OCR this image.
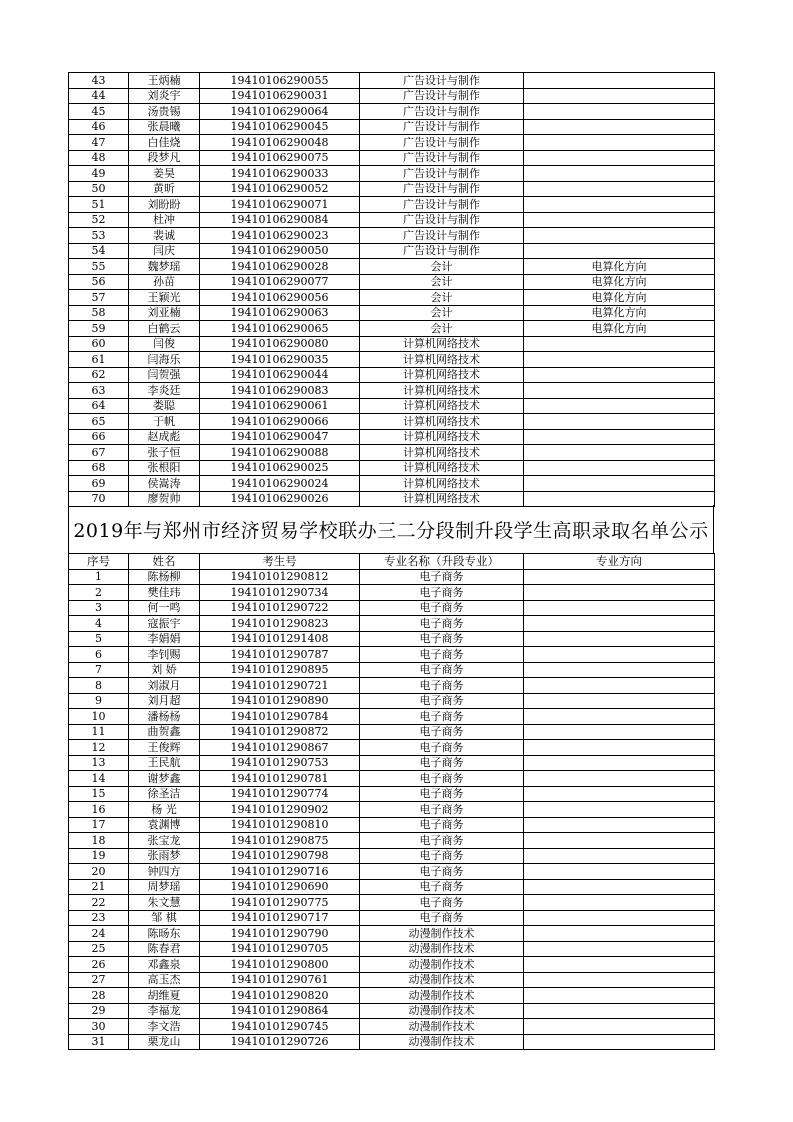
43	王炳楠	19410106290055	广告设计与制作	
44	刘炎宇	19410106290031	广告设计与制作	
45	汤贵锡	19410106290064	广告设计与制作	
46	张晨曦	19410106290045	广告设计与制作	
47	白佳烧	19410106290048	广告设计与制作	
48	段梦凡	19410106290075	广告设计与制作	
49	姜昊	19410106290033	广告设计与制作	
50	黄昕	19410106290052	广告设计与制作	
51	刘盼盼	19410106290071	广告设计与制作	
52	杜冲	19410106290084	广告设计与制作	
53	裴诚	19410106290023	广告设计与制作	
54	闫庆	19410106290050	广告设计与制作	
55	魏梦瑶	19410106290028	会计	电算化方向
56	孙苗	19410106290077	会计	电算化方向
57	王颖光	19410106290056	会计	电算化方向
58	刘亚楠	19410106290063	会计	电算化方向
59	白鹤云	19410106290065	会计	电算化方向
60	闫俊	19410106290080	计算机网络技术	
61	闫海乐	19410106290035	计算机网络技术	
62	闫贺强	19410106290044	计算机网络技术	
63	李炎廷	19410106290083	计算机网络技术	
64	娄聪	19410106290061	计算机网络技术	
65	于帆	19410106290066	计算机网络技术	
66	赵成彪	19410106290047	计算机网络技术	
67	张子恒	19410106290088	计算机网络技术	
68	张根阳	19410106290025	计算机网络技术	
69	侯嵩涛	19410106290024	计算机网络技术	
70	廖贺帅	19410106290026	计算机网络技术	
2019年与郑州市经济贸易学校联办三二分段制升段学生高职录取名单公示
序号	姓名	考生号	专业名称（升段专业）	专业方向
1	陈杨柳	19410101290812	电子商务	
2	樊佳玮	19410101290734	电子商务	
3	何一鸣	19410101290722	电子商务	
4	寇振宇	19410101290823	电子商务	
5	李娟娟	19410101291408	电子商务	
6	李钊赐	19410101290787	电子商务	
7	刘 娇	19410101290895	电子商务	
8	刘淑月	19410101290721	电子商务	
9	刘月超	19410101290890	电子商务	
10	潘杨杨	19410101290784	电子商务	
11	曲贺鑫	19410101290872	电子商务	
12	王俊辉	19410101290867	电子商务	
13	王民航	19410101290753	电子商务	
14	谢梦鑫	19410101290781	电子商务	
15	徐圣洁	19410101290774	电子商务	
16	杨 光	19410101290902	电子商务	
17	袁渊博	19410101290810	电子商务	
18	张宝龙	19410101290875	电子商务	
19	张雨梦	19410101290798	电子商务	
20	钟四方	19410101290716	电子商务	
21	周梦瑶	19410101290690	电子商务	
22	朱文慧	19410101290775	电子商务	
23	邹 棋	19410101290717	电子商务	
24	陈旸东	19410101290790	动漫制作技术	
25	陈春君	19410101290705	动漫制作技术	
26	邓鑫泉	19410101290800	动漫制作技术	
27	高玉杰	19410101290761	动漫制作技术	
28	胡维夏	19410101290820	动漫制作技术	
29	李福龙	19410101290864	动漫制作技术	
30	李文浩	19410101290745	动漫制作技术	
31	栗龙山	19410101290726	动漫制作技术	
